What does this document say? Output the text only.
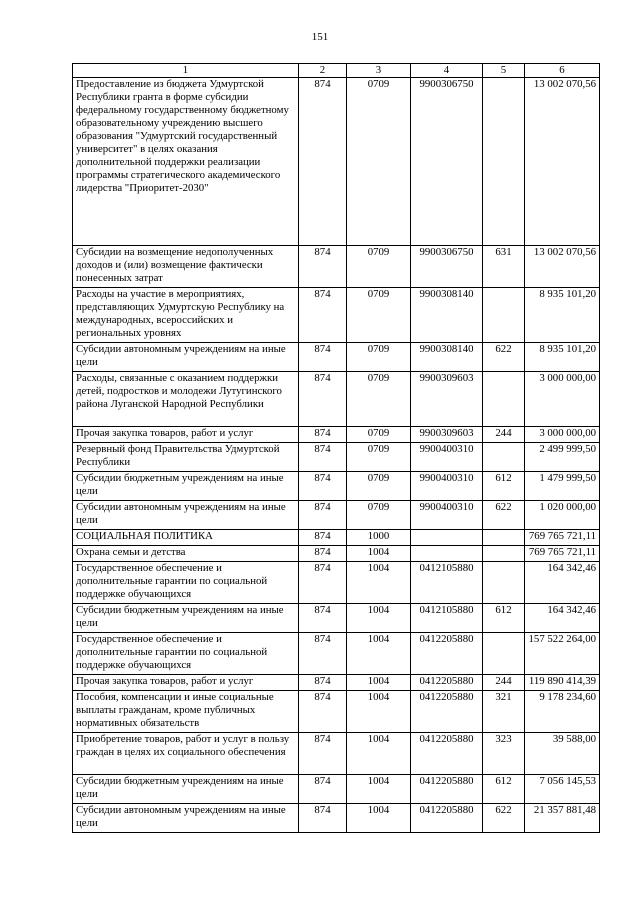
151
1	2	3	4	5	6
Предоставление из бюджета Удмуртской Республики гранта в форме субсидии федеральному государственному бюджетному образовательному учреждению высшего образования "Удмуртский государственный университет" в целях оказания дополнительной поддержки реализации программы стратегического академического лидерства "Приоритет-2030"	874	0709	9900306750		13 002 070,56
Субсидии на возмещение недополученных доходов и (или) возмещение фактически понесенных затрат	874	0709	9900306750	631	13 002 070,56
Расходы на участие в мероприятиях, представляющих Удмуртскую Республику на международных, всероссийских и региональных уровнях	874	0709	9900308140		8 935 101,20
Субсидии автономным учреждениям на иные цели	874	0709	9900308140	622	8 935 101,20
Расходы, связанные с оказанием поддержки детей, подростков и молодежи Лутугинского района Луганской Народной Республики	874	0709	9900309603		3 000 000,00
Прочая закупка товаров, работ и услуг	874	0709	9900309603	244	3 000 000,00
Резервный фонд Правительства Удмуртской Республики	874	0709	9900400310		2 499 999,50
Субсидии бюджетным учреждениям на иные цели	874	0709	9900400310	612	1 479 999,50
Субсидии автономным учреждениям на иные цели	874	0709	9900400310	622	1 020 000,00
СОЦИАЛЬНАЯ ПОЛИТИКА	874	1000			769 765 721,11
Охрана семьи и детства	874	1004			769 765 721,11
Государственное обеспечение и дополнительные гарантии по социальной поддержке обучающихся	874	1004	0412105880		164 342,46
Субсидии бюджетным учреждениям на иные цели	874	1004	0412105880	612	164 342,46
Государственное обеспечение и дополнительные гарантии по социальной поддержке обучающихся	874	1004	0412205880		157 522 264,00
Прочая закупка товаров, работ и услуг	874	1004	0412205880	244	119 890 414,39
Пособия, компенсации и иные социальные выплаты гражданам, кроме публичных нормативных обязательств	874	1004	0412205880	321	9 178 234,60
Приобретение товаров, работ и услуг в пользу граждан в целях их социального обеспечения	874	1004	0412205880	323	39 588,00
Субсидии бюджетным учреждениям на иные цели	874	1004	0412205880	612	7 056 145,53
Субсидии автономным учреждениям на иные цели	874	1004	0412205880	622	21 357 881,48
